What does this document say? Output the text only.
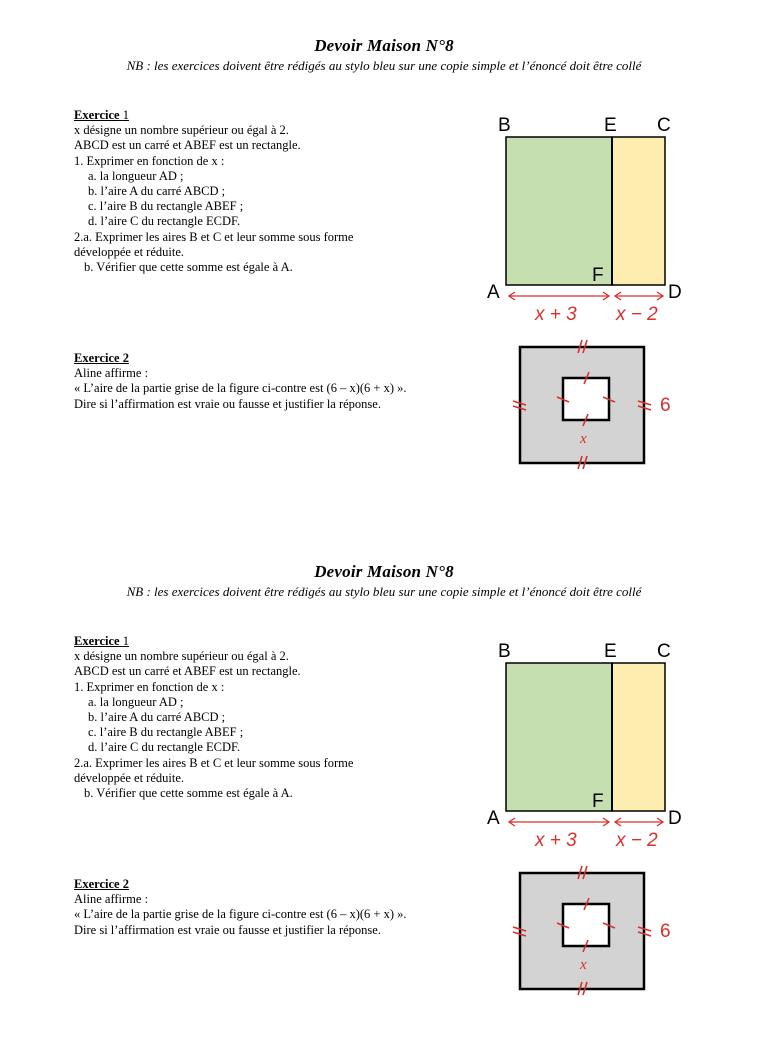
Devoir Maison N°8
NB : les exercices doivent être rédigés au stylo bleu sur une copie simple et l’énoncé doit être collé
Exercice 1
x désigne un nombre supérieur ou égal à 2.
ABCD est un carré et ABEF est un rectangle.
1. Exprimer en fonction de x :
a. la longueur AD ;
b. l’aire A du carré ABCD ;
c. l’aire B du rectangle ABEF ;
d. l’aire C du rectangle ECDF.
2.a. Exprimer les aires B et C et leur somme sous forme
développée et réduite.
b. Vérifier que cette somme est égale à A.
Exercice 2
Aline affirme :
« L’aire de la partie grise de la figure ci-contre est (6 – x)(6 + x) ».
Dire si l’affirmation est vraie ou fausse et justifier la réponse.
B	E C
A
F
D
x + 3 x − 2
6
x
Devoir Maison N°8
NB : les exercices doivent être rédigés au stylo bleu sur une copie simple et l’énoncé doit être collé
Exercice 1
x désigne un nombre supérieur ou égal à 2.
ABCD est un carré et ABEF est un rectangle.
1. Exprimer en fonction de x :
a. la longueur AD ;
b. l’aire A du carré ABCD ;
c. l’aire B du rectangle ABEF ;
d. l’aire C du rectangle ECDF.
2.a. Exprimer les aires B et C et leur somme sous forme
développée et réduite.
b. Vérifier que cette somme est égale à A.
Exercice 2
Aline affirme :
« L’aire de la partie grise de la figure ci-contre est (6 – x)(6 + x) ».
Dire si l’affirmation est vraie ou fausse et justifier la réponse.
B	E C
A
F
D
x + 3 x − 2
6
x
